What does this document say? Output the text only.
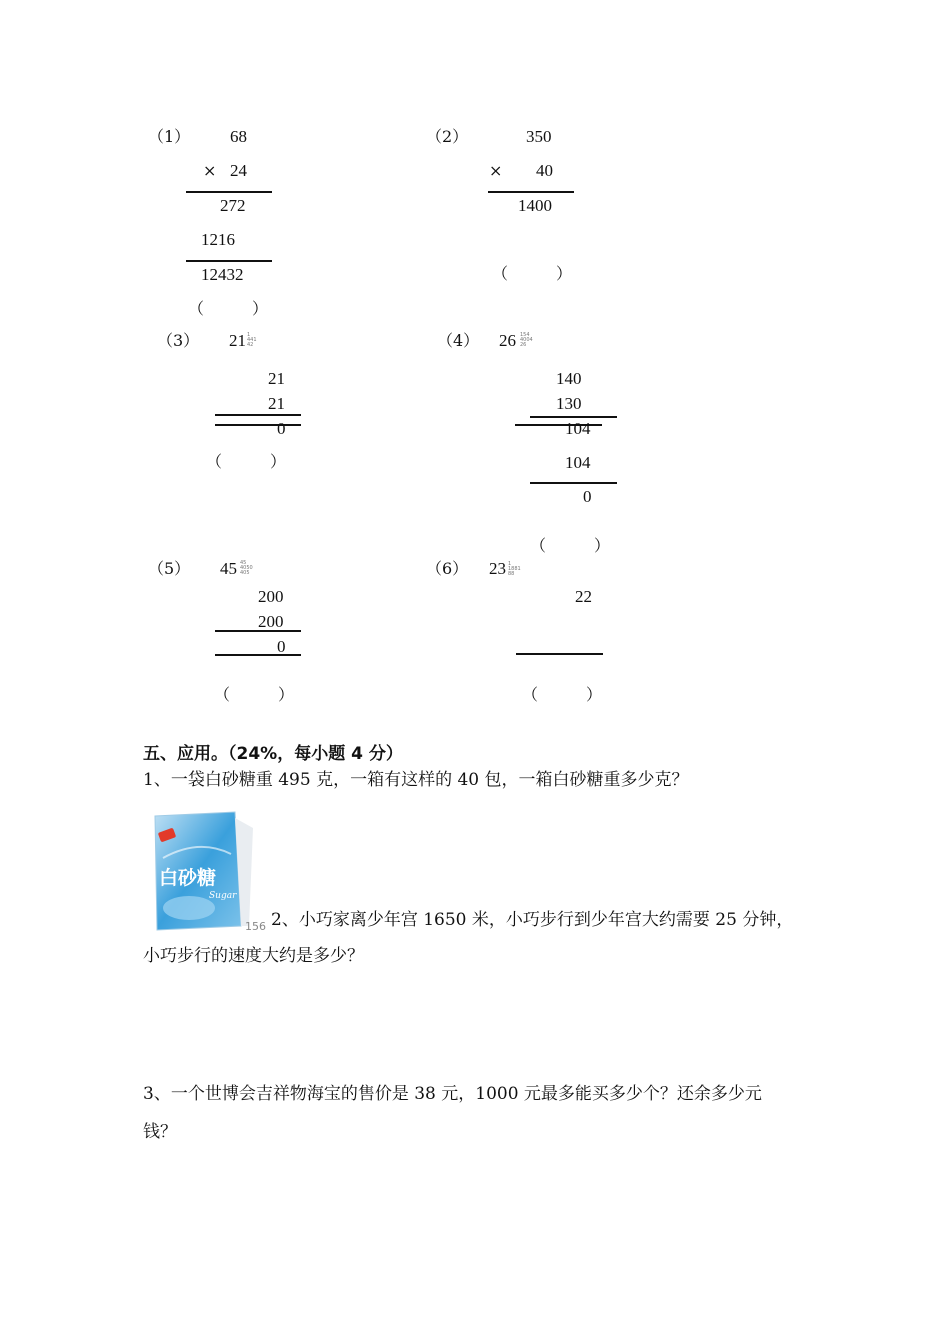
（1） 68
× 24
272
1216
12432
（　　　）
（2）	350
× 40
1400
（　　　）
（3） 21 1
441
42
21
21
0
（　　　）
（4） 26 154
4004
26
140
130
104
104
0
（　　　）
（5） 45 45
4050
405
200
200
0
（　　　）
（6） 23 1
1881
88
22
（　　　）
五、应用。（24%，每小题 4 分）
1、一袋白砂糖重 495 克，一箱有这样的 40 包，一箱白砂糖重多少克？
白砂糖
Sugar
156 2、小巧家离少年宫 1650 米，小巧步行到少年宫大约需要 25 分钟，
小巧步行的速度大约是多少？
3、一个世博会吉祥物海宝的售价是 38 元，1000 元最多能买多少个？还余多少元
钱？
